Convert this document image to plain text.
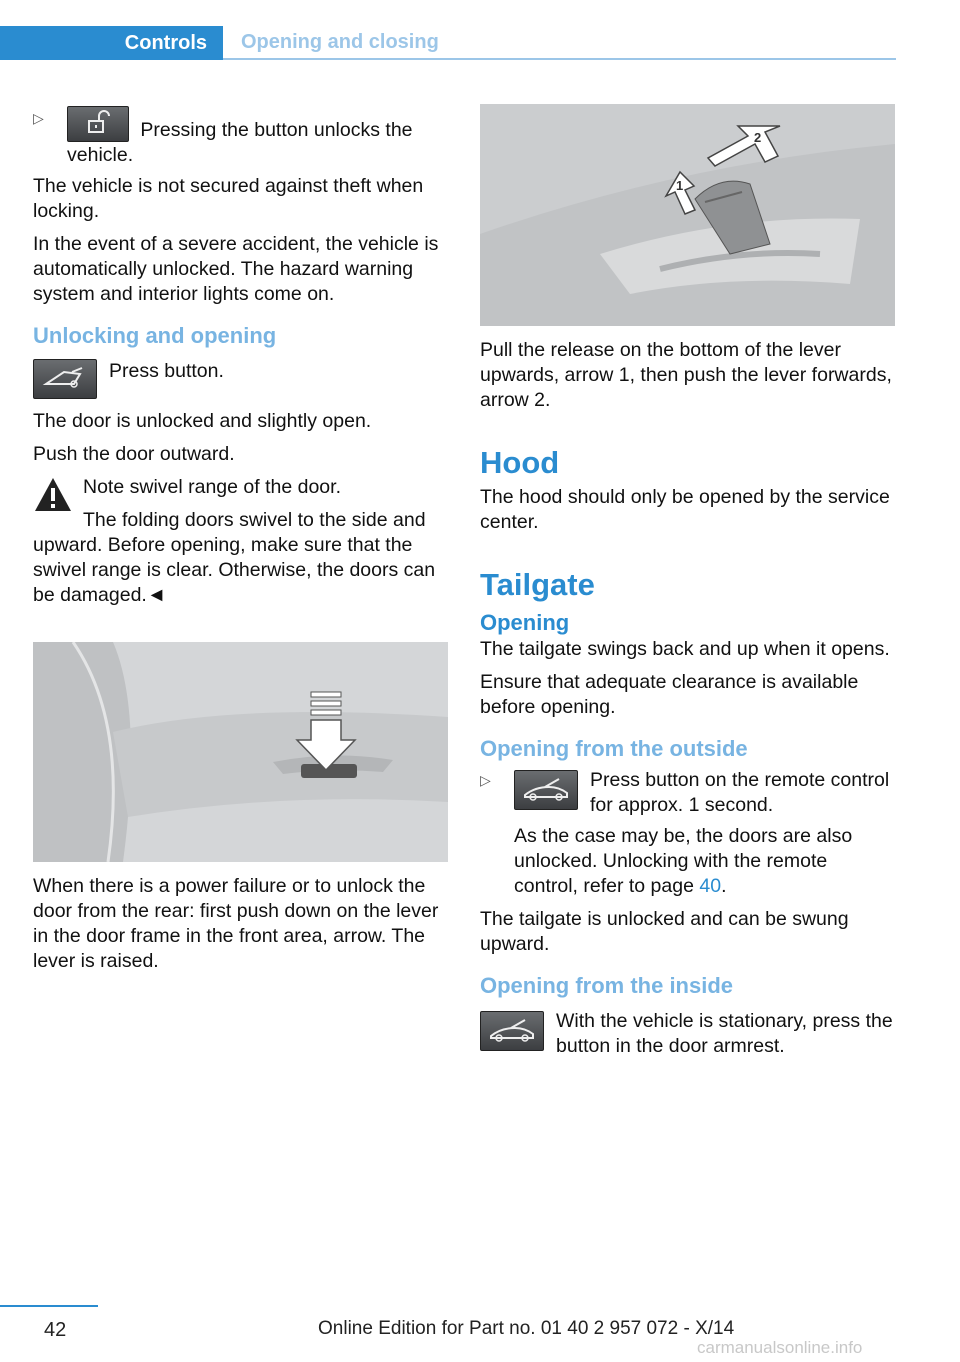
Controls	Opening and closing
▷
Pressing the button unlocks the vehicle.

The vehicle is not secured against theft when locking.

In the event of a severe accident, the vehicle is automatically unlocked. The hazard warning system and interior lights come on.

Unlocking and opening
Press button.

The door is unlocked and slightly open.

Push the door outward.

Note swivel range of the door.

The folding doors swivel to the side and

upward. Before opening, make sure that the swivel range is clear. Otherwise, the doors can be damaged.◄

When there is a power failure or to unlock the door from the rear: first push down on the lever in the door frame in the front area, arrow. The lever is raised.

2
1

Pull the release on the bottom of the lever upwards, arrow 1, then push the lever forwards, arrow 2.

Hood

The hood should only be opened by the service center.

Tailgate
Opening

The tailgate swings back and up when it opens.

Ensure that adequate clearance is available before opening.

Opening from the outside
▷	Press button on the remote control for approx. 1 second.

As the case may be, the doors are also unlocked. Unlocking with the remote control, refer to page 40.

The tailgate is unlocked and can be swung upward.

Opening from the inside
With the vehicle is stationary, press the button in the door armrest.
42	Online Edition for Part no. 01 40 2 957 072 - X/14
carmanualsonline.info
